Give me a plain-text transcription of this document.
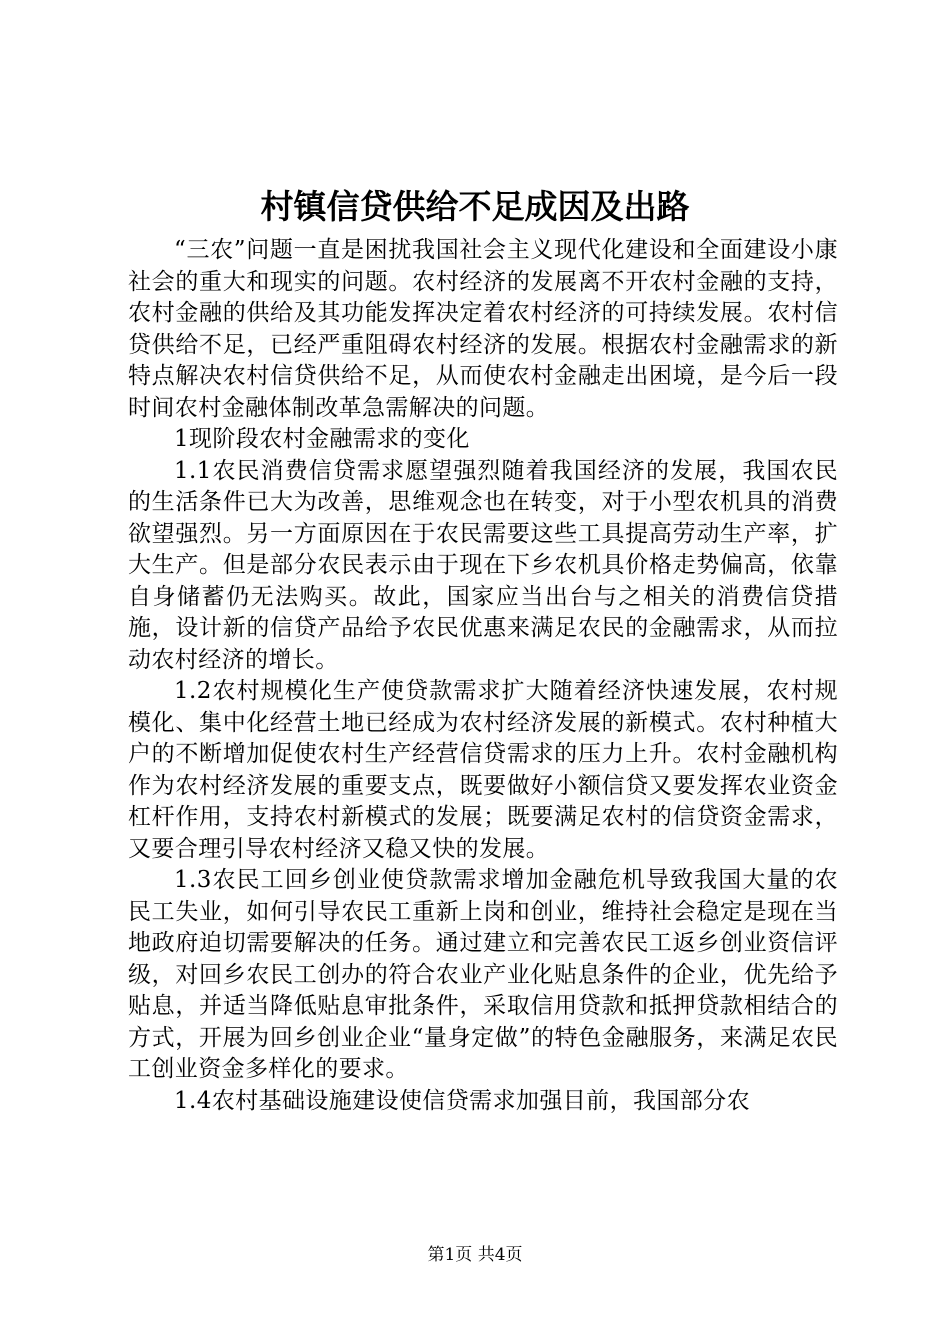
村镇信贷供给不足成因及出路

“三农”问题一直是困扰我国社会主义现代化建设和全面建设小康社会的重大和现实的问题。农村经济的发展离不开农村金融的支持，农村金融的供给及其功能发挥决定着农村经济的可持续发展。农村信贷供给不足，已经严重阻碍农村经济的发展。根据农村金融需求的新特点解决农村信贷供给不足，从而使农村金融走出困境，是今后一段时间农村金融体制改革急需解决的问题。

1现阶段农村金融需求的变化

1.1农民消费信贷需求愿望强烈随着我国经济的发展，我国农民的生活条件已大为改善，思维观念也在转变，对于小型农机具的消费欲望强烈。另一方面原因在于农民需要这些工具提高劳动生产率，扩大生产。但是部分农民表示由于现在下乡农机具价格走势偏高，依靠自身储蓄仍无法购买。故此，国家应当出台与之相关的消费信贷措施，设计新的信贷产品给予农民优惠来满足农民的金融需求，从而拉动农村经济的增长。

1.2农村规模化生产使贷款需求扩大随着经济快速发展，农村规模化、集中化经营土地已经成为农村经济发展的新模式。农村种植大户的不断增加促使农村生产经营信贷需求的压力上升。农村金融机构作为农村经济发展的重要支点，既要做好小额信贷又要发挥农业资金杠杆作用，支持农村新模式的发展；既要满足农村的信贷资金需求，又要合理引导农村经济又稳又快的发展。

1.3农民工回乡创业使贷款需求增加金融危机导致我国大量的农民工失业，如何引导农民工重新上岗和创业，维持社会稳定是现在当地政府迫切需要解决的任务。通过建立和完善农民工返乡创业资信评级，对回乡农民工创办的符合农业产业化贴息条件的企业，优先给予贴息，并适当降低贴息审批条件，采取信用贷款和抵押贷款相结合的方式，开展为回乡创业企业“量身定做”的特色金融服务，来满足农民工创业资金多样化的要求。

1.4农村基础设施建设使信贷需求加强目前，我国部分农

第1页 共4页
